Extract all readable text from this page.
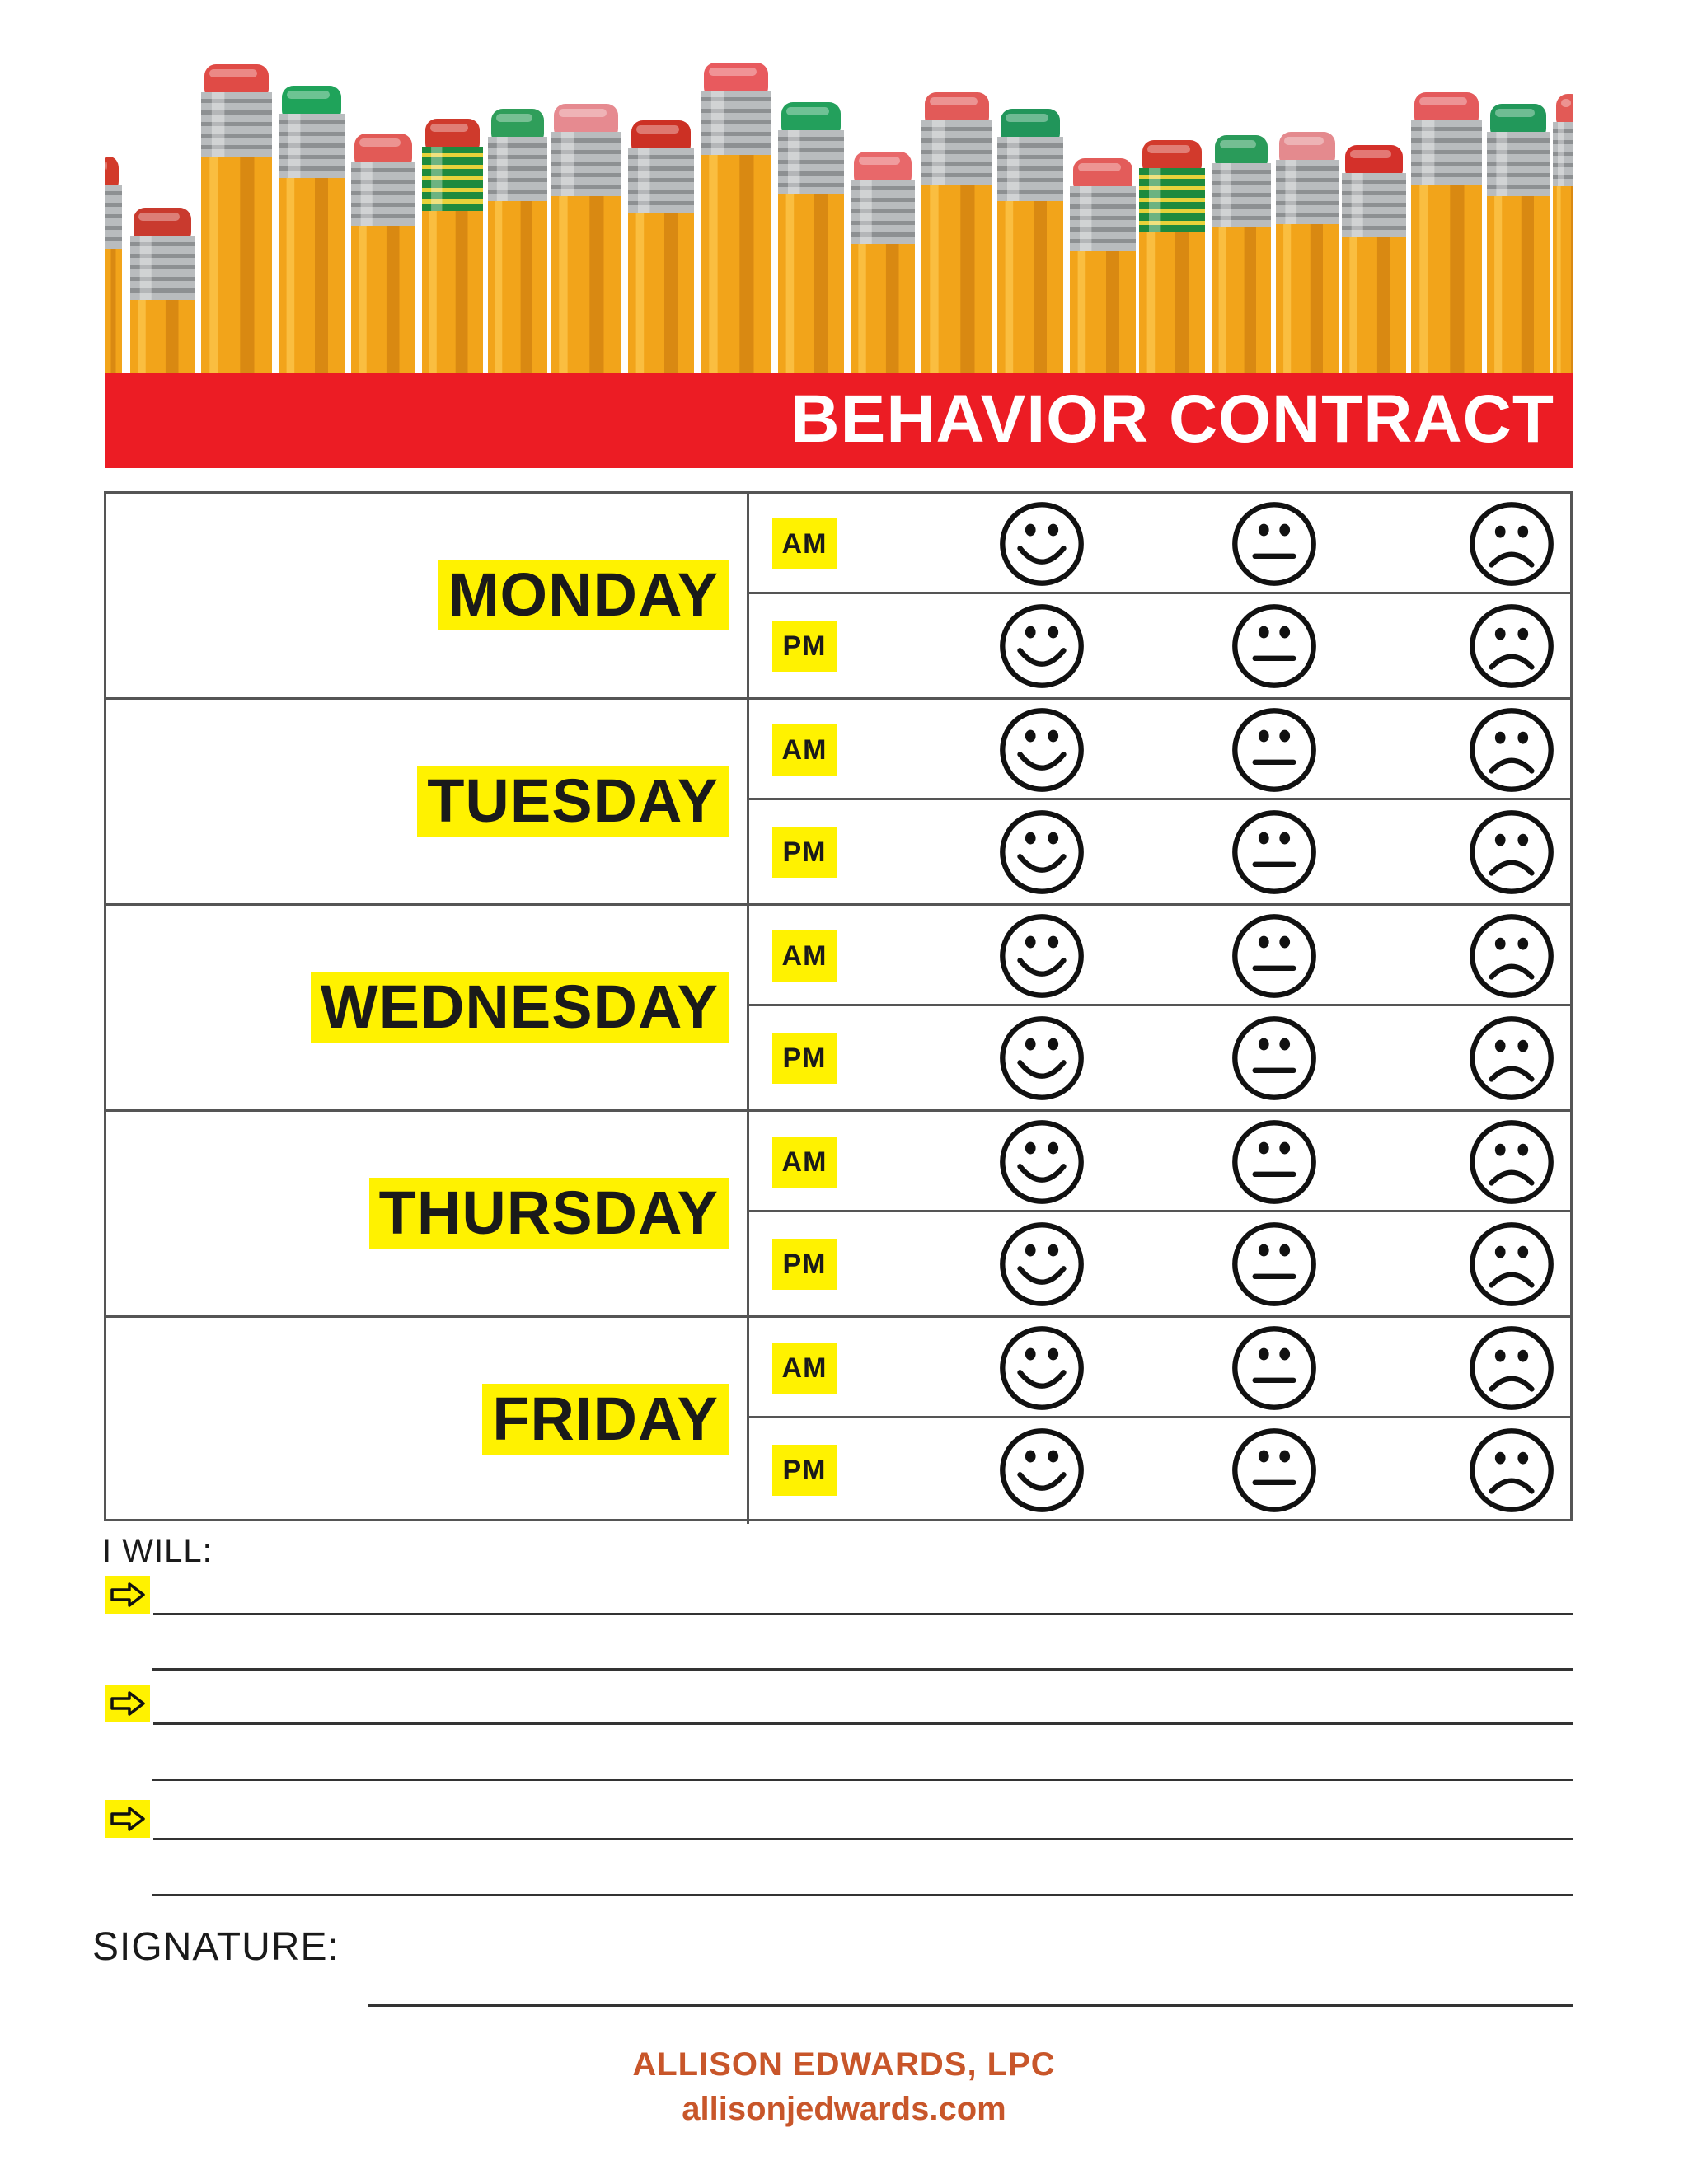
BEHAVIOR CONTRACT
MONDAY
AM
PM
TUESDAY
AM
PM
WEDNESDAY
AM
PM
THURSDAY
AM
PM
FRIDAY
AM
PM
I WILL:
SIGNATURE:
ALLISON EDWARDS, LPC
allisonjedwards.com
